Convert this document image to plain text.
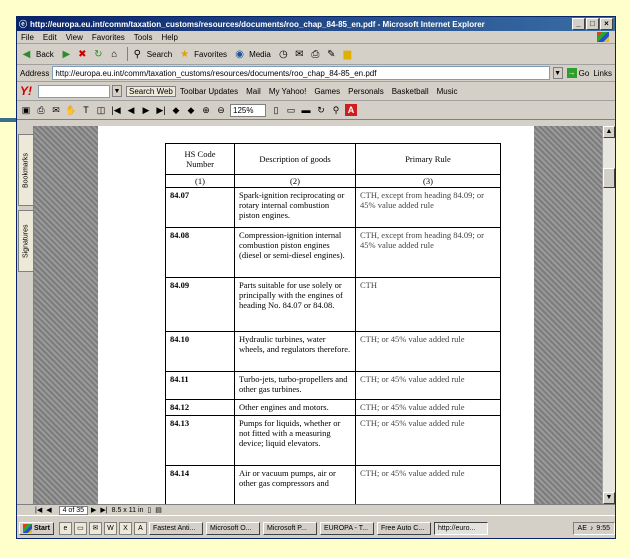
ⓔ http://europa.eu.int/comm/taxation_customs/resources/documents/roo_chap_84-85_en.pdf - Microsoft Internet Explorer	_	□	×
File Edit View Favorites Tools Help
◀ Back ▶ ✖ ↻ ⌂	⚲ Search ★ Favorites ◉ Media ◷ ✉ ⎙ ✎ ▆
Address http://europa.eu.int/comm/taxation_customs/resources/documents/roo_chap_84-85_en.pdf	▼ → Go Links
Y!	▼	Search Web Toolbar Updates Mail My Yahoo! Games Personals Basketball Music
▣ ⎙ ✉ ✋ T ◫ |◀ ◀ ▶ ▶| ◆ ◆ ⊕ ⊖	125%	▯ ▭ ▬ ↻ ⚲ A
Bookmarks
Signatures
HS Code Number	Description of goods	Primary Rule
(1)	(2)	(3)
84.07	Spark-ignition reciprocating or rotary internal combustion piston engines.	CTH, except from heading 84.09; or 45% value added rule
84.08	Compression-ignition internal combustion piston engines (diesel or semi-diesel engines).	CTH, except from heading 84.09; or 45% value added rule
84.09	Parts suitable for use solely or principally with the engines of heading No. 84.07 or 84.08.	CTH
84.10	Hydraulic turbines, water wheels, and regulators therefore.	CTH; or 45% value added rule
84.11	Turbo-jets, turbo-propellers and other gas turbines.	CTH; or 45% value added rule
84.12	Other engines and motors.	CTH; or 45% value added rule
84.13	Pumps for liquids, whether or not fitted with a measuring device; liquid elevators.	CTH; or 45% value added rule
84.14	Air or vacuum pumps, air or other gas compressors and	CTH; or 45% value added rule
▲
▼
|◀ ◀	4 of 35	▶ ▶| 8.5 x 11 in ▯ ▤
Start	e	▭	✉	W	X	A	Fastest Anti...	Microsoft O...	Microsoft P...	EUROPA - T...	Free Auto C...	http://euro...	AE ♪ 9:55
